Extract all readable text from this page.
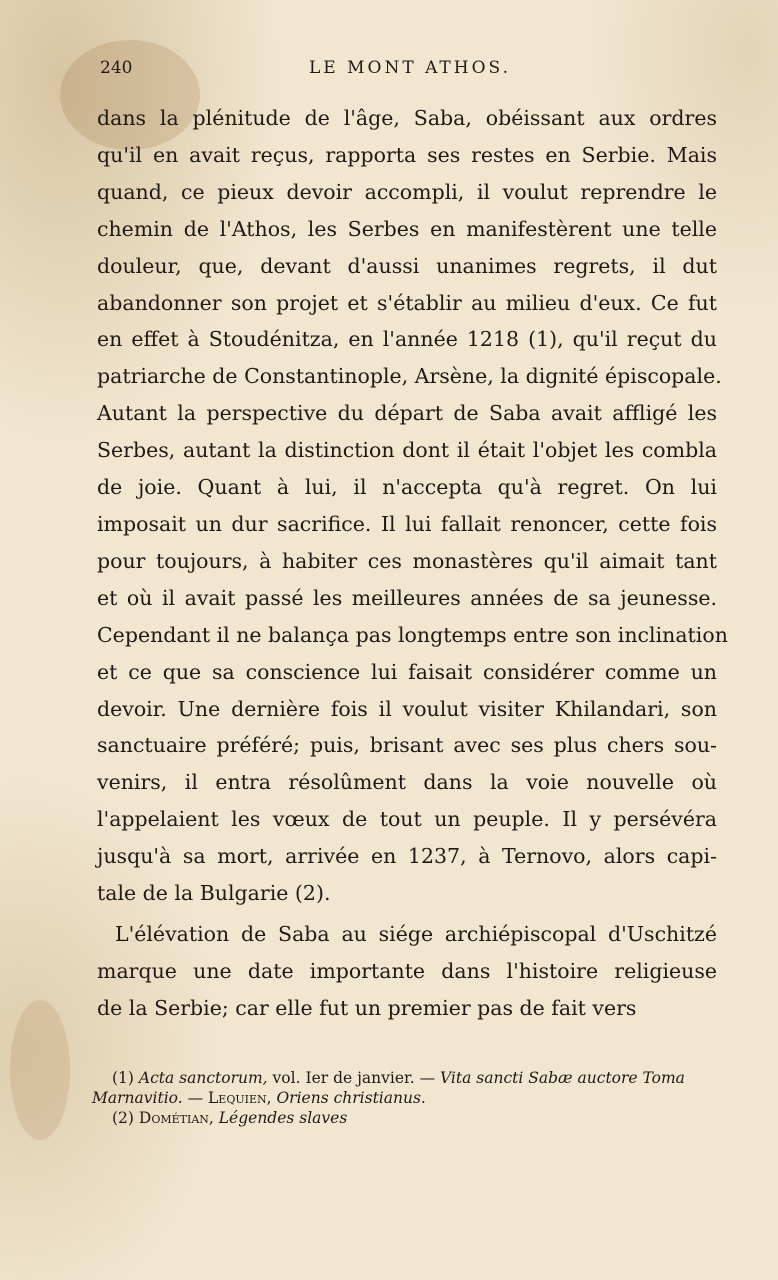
240	LE MONT ATHOS.
dans la plénitude de l'âge, Saba, obéissant aux ordres
qu'il en avait reçus, rapporta ses restes en Serbie. Mais
quand, ce pieux devoir accompli, il voulut reprendre le
chemin de l'Athos, les Serbes en manifestèrent une telle
douleur, que, devant d'aussi unanimes regrets, il dut
abandonner son projet et s'établir au milieu d'eux. Ce fut
en effet à Stoudénitza, en l'année 1218 (1), qu'il reçut du
patriarche de Constantinople, Arsène, la dignité épiscopale.
Autant la perspective du départ de Saba avait affligé les
Serbes, autant la distinction dont il était l'objet les combla
de joie. Quant à lui, il n'accepta qu'à regret. On lui
imposait un dur sacrifice. Il lui fallait renoncer, cette fois
pour toujours, à habiter ces monastères qu'il aimait tant
et où il avait passé les meilleures années de sa jeunesse.
Cependant il ne balança pas longtemps entre son inclination
et ce que sa conscience lui faisait considérer comme un
devoir. Une dernière fois il voulut visiter Khilandari, son
sanctuaire préféré; puis, brisant avec ses plus chers sou-
venirs, il entra résolûment dans la voie nouvelle où
l'appelaient les vœux de tout un peuple. Il y persévéra
jusqu'à sa mort, arrivée en 1237, à Ternovo, alors capi-
tale de la Bulgarie (2).
L'élévation de Saba au siége archiépiscopal d'Uschitzé
marque une date importante dans l'histoire religieuse
de la Serbie; car elle fut un premier pas de fait vers
(1) Acta sanctorum, vol. Ier de janvier. — Vita sancti Sabæ auctore Toma
Marnavitio. — Lequien, Oriens christianus.
(2) Dométian, Légendes slaves
